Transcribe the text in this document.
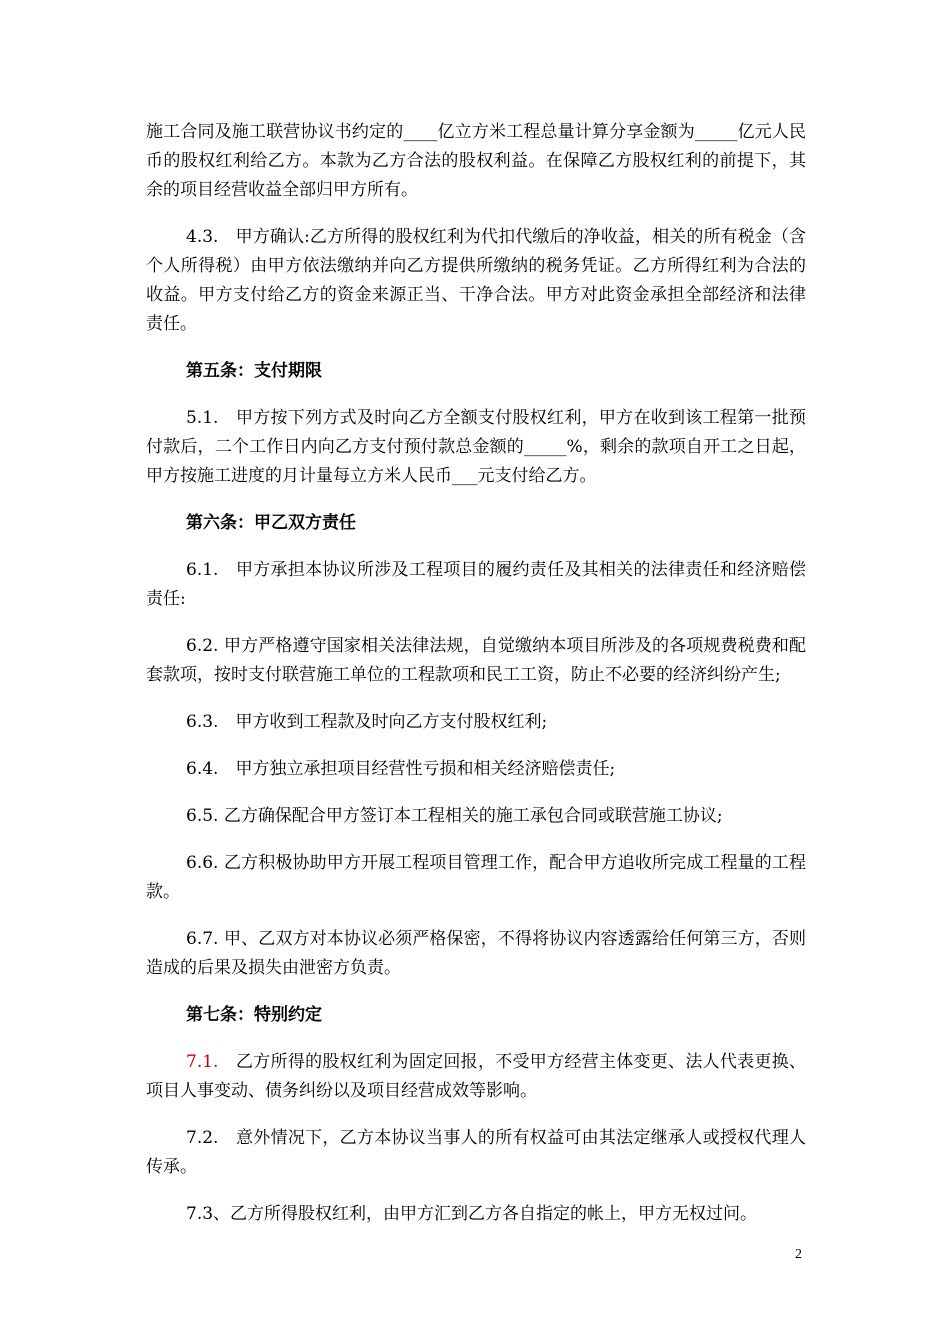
施工合同及施工联营协议书约定的____亿立方米工程总量计算分享金额为_____亿元人民币的股权红利给乙方。本款为乙方合法的股权利益。在保障乙方股权红利的前提下，其余的项目经营收益全部归甲方所有。

4.3.　甲方确认:乙方所得的股权红利为代扣代缴后的净收益，相关的所有税金（含个人所得税）由甲方依法缴纳并向乙方提供所缴纳的税务凭证。乙方所得红利为合法的收益。甲方支付给乙方的资金来源正当、干净合法。甲方对此资金承担全部经济和法律责任。

第五条：支付期限

5.1.　甲方按下列方式及时向乙方全额支付股权红利，甲方在收到该工程第一批预付款后，二个工作日内向乙方支付预付款总金额的_____%，剩余的款项自开工之日起，甲方按施工进度的月计量每立方米人民币___元支付给乙方。

第六条：甲乙双方责任

6.1.　甲方承担本协议所涉及工程项目的履约责任及其相关的法律责任和经济赔偿责任:

6.2. 甲方严格遵守国家相关法律法规，自觉缴纳本项目所涉及的各项规费税费和配套款项，按时支付联营施工单位的工程款项和民工工资，防止不必要的经济纠纷产生;

6.3.　甲方收到工程款及时向乙方支付股权红利;

6.4.　甲方独立承担项目经营性亏损和相关经济赔偿责任;

6.5. 乙方确保配合甲方签订本工程相关的施工承包合同或联营施工协议;

6.6. 乙方积极协助甲方开展工程项目管理工作，配合甲方追收所完成工程量的工程款。

6.7. 甲、乙双方对本协议必须严格保密，不得将协议内容透露给任何第三方，否则造成的后果及损失由泄密方负责。

第七条：特别约定

7.1.　乙方所得的股权红利为固定回报，不受甲方经营主体变更、法人代表更换、项目人事变动、债务纠纷以及项目经营成效等影响。

7.2.　意外情况下，乙方本协议当事人的所有权益可由其法定继承人或授权代理人传承。

7.3、乙方所得股权红利，由甲方汇到乙方各自指定的帐上，甲方无权过问。

2
